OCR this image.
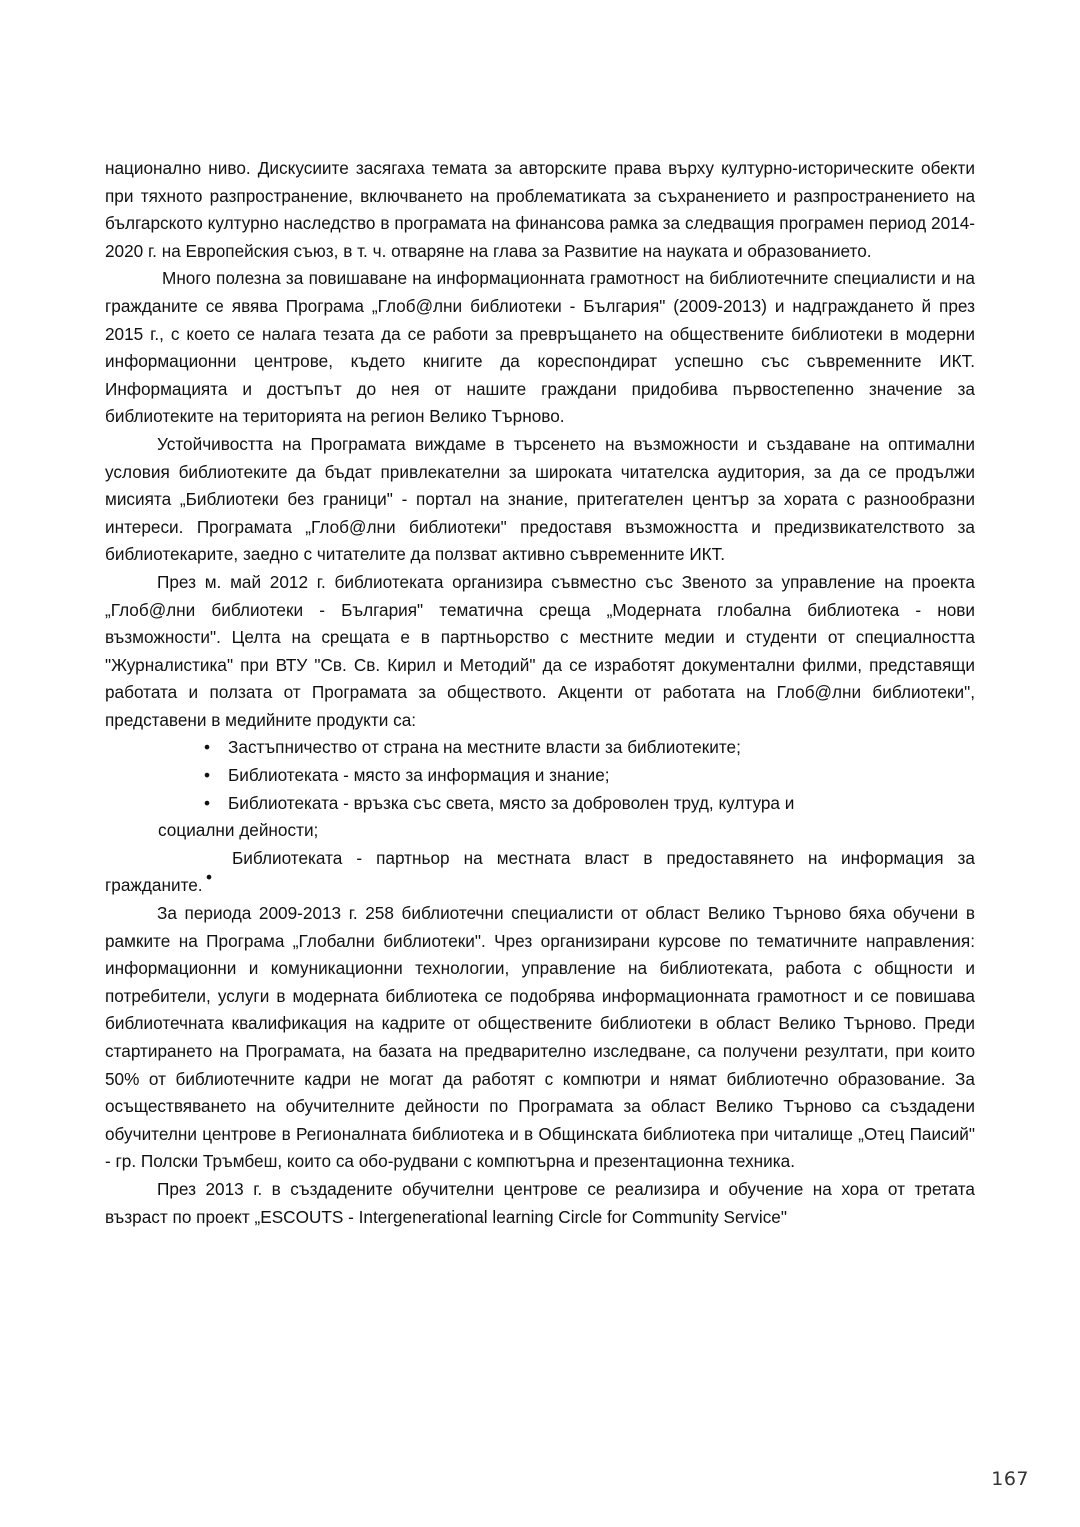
национално ниво. Дискусиите засягаха темата за авторските права върху културно-историческите обекти при тяхното разпространение, включването на проблематиката за съхранението и разпространението на българското културно наследство в програмата на финансова рамка за следващия програмен период 2014-2020 г. на Европейския съюз, в т. ч. отваряне на глава за Развитие на науката и образованието.

Много полезна за повишаване на информационната грамотност на библиотечните специалисти и на гражданите се явява Програма „Глоб@лни библиотеки - България" (2009-2013) и надграждането й през 2015 г., с което се налага тезата да се работи за превръщането на обществените библиотеки в модерни информационни центрове, където книгите да кореспондират успешно със съвременните ИКТ. Информацията и достъпът до нея от нашите граждани придобива първостепенно значение за библиотеките на територията на регион Велико Търново.

Устойчивостта на Програмата виждаме в търсенето на възможности и създаване на оптимални условия библиотеките да бъдат привлекателни за широката читателска аудитория, за да се продължи мисията „Библиотеки без граници" - портал на знание, притегателен център за хората с разнообразни интереси. Програмата „Глоб@лни библиотеки" предоставя възможността и предизвикателството за библиотекарите, заедно с читателите да ползват активно съвременните ИКТ.

През м. май 2012 г. библиотеката организира съвместно със Звеното за управление на проекта „Глоб@лни библиотеки - България" тематична среща „Модерната глобална библиотека - нови възможности". Целта на срещата е в партньорство с местните медии и студенти от специалността "Журналистика" при ВТУ "Св. Св. Кирил и Методий" да се изработят документални филми, представящи работата и ползата от Програмата за обществото. Акценти от работата на Глоб@лни библиотеки", представени в медийните продукти са:

•	Застъпничество от страна на местните власти за библиотеките;
•	Библиотеката - място за информация и знание;
•	Библиотеката - връзка със света, място за доброволен труд, култура и
социални дейности;

•
Библиотеката - партньор на местната власт в предоставянето на информация за гражданите.

За периода 2009-2013 г. 258 библиотечни специалисти от област Велико Търново бяха обучени в рамките на Програма „Глобални библиотеки". Чрез организирани курсове по тематичните направления: информационни и комуникационни технологии, управление на библиотеката, работа с общности и потребители, услуги в модерната библиотека се подобрява информационната грамотност и се повишава библиотечната квалификация на кадрите от обществените библиотеки в област Велико Търново. Преди стартирането на Програмата, на базата на предварително изследване, са получени резултати, при които 50% от библиотечните кадри не могат да работят с компютри и нямат библиотечно образование. За осъществяването на обучителните дейности по Програмата за област Велико Търново са създадени обучителни центрове в Регионалната библиотека и в Общинската библиотека при читалище „Отец Паисий" - гр. Полски Тръмбеш, които са обо-рудвани с компютърна и презентационна техника.

През 2013 г. в създадените обучителни центрове се реализира и обучение на хора от третата възраст по проект „ESCOUTS - Intergenerational learning Circle for Community Service"

167
